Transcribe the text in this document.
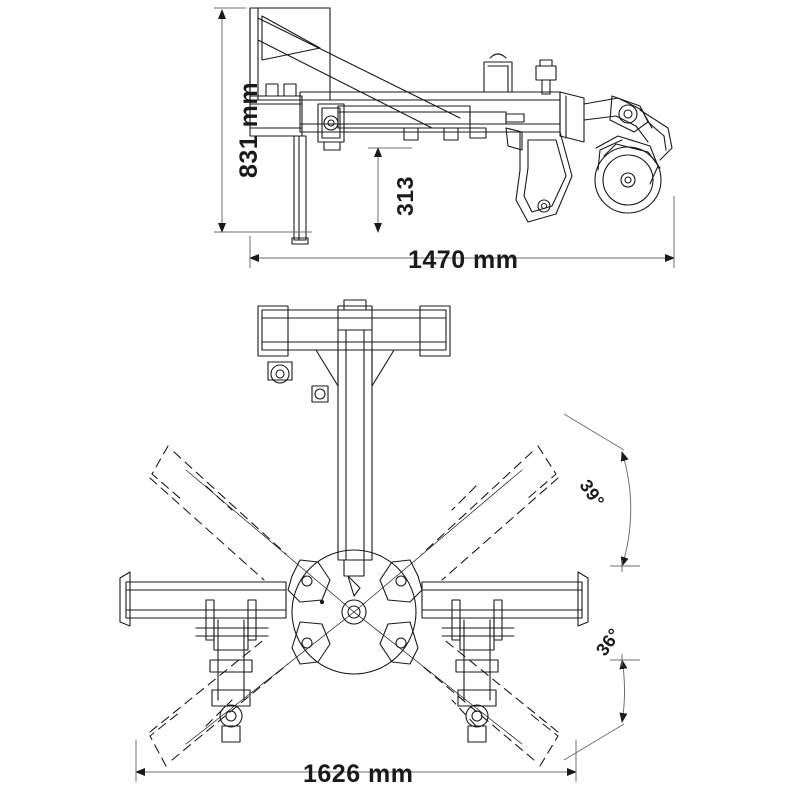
831 mm
313
1470 mm
1626 mm
39°
36°
